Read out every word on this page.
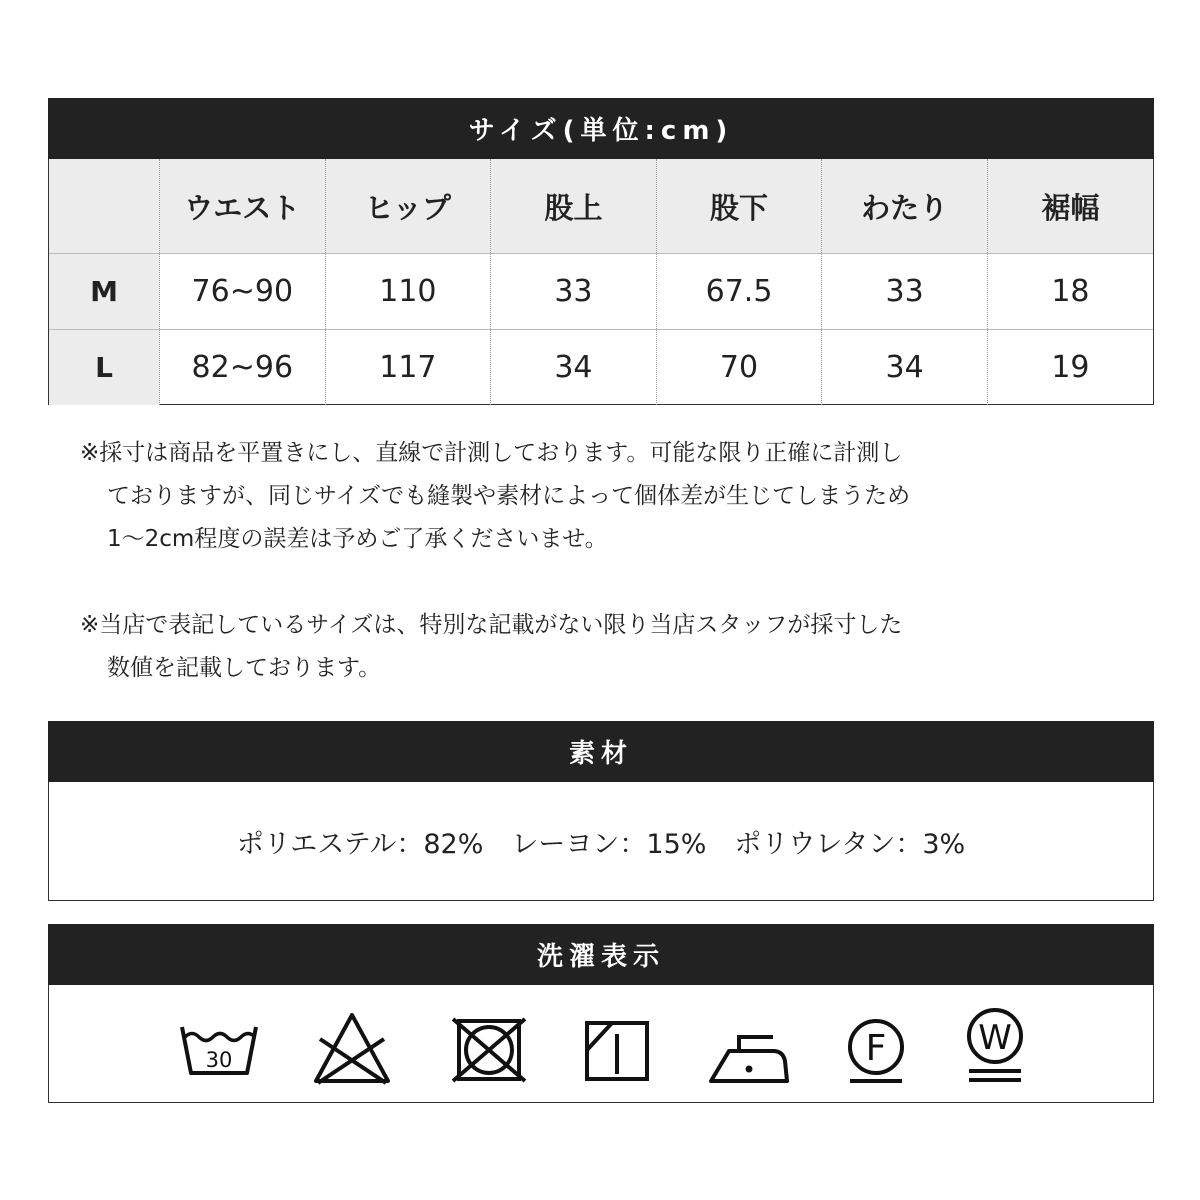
サイズ(単位:cm)
	ウエスト	ヒップ	股上	股下	わたり	裾幅
M	76~90	110	33	67.5	33	18
L	82~96	117	34	70	34	19

※採寸は商品を平置きにし、直線で計測しております。可能な限り正確に計測し

ておりますが、同じサイズでも縫製や素材によって個体差が生じてしまうため

1～2cm程度の誤差は予めご了承くださいませ。

※当店で表記しているサイズは、特別な記載がない限り当店スタッフが採寸した

数値を記載しております。

素材
ポリエステル：82% レーヨン：15% ポリウレタン：3%
洗濯表示
30	F	W
